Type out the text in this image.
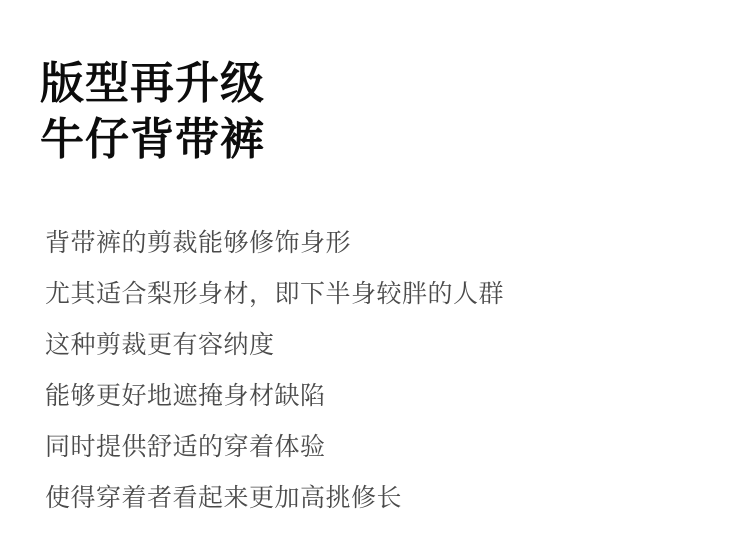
版型再升级
牛仔背带裤
背带裤的剪裁能够修饰身形
尤其适合梨形身材，即下半身较胖的人群
这种剪裁更有容纳度
能够更好地遮掩身材缺陷
同时提供舒适的穿着体验
使得穿着者看起来更加高挑修长
